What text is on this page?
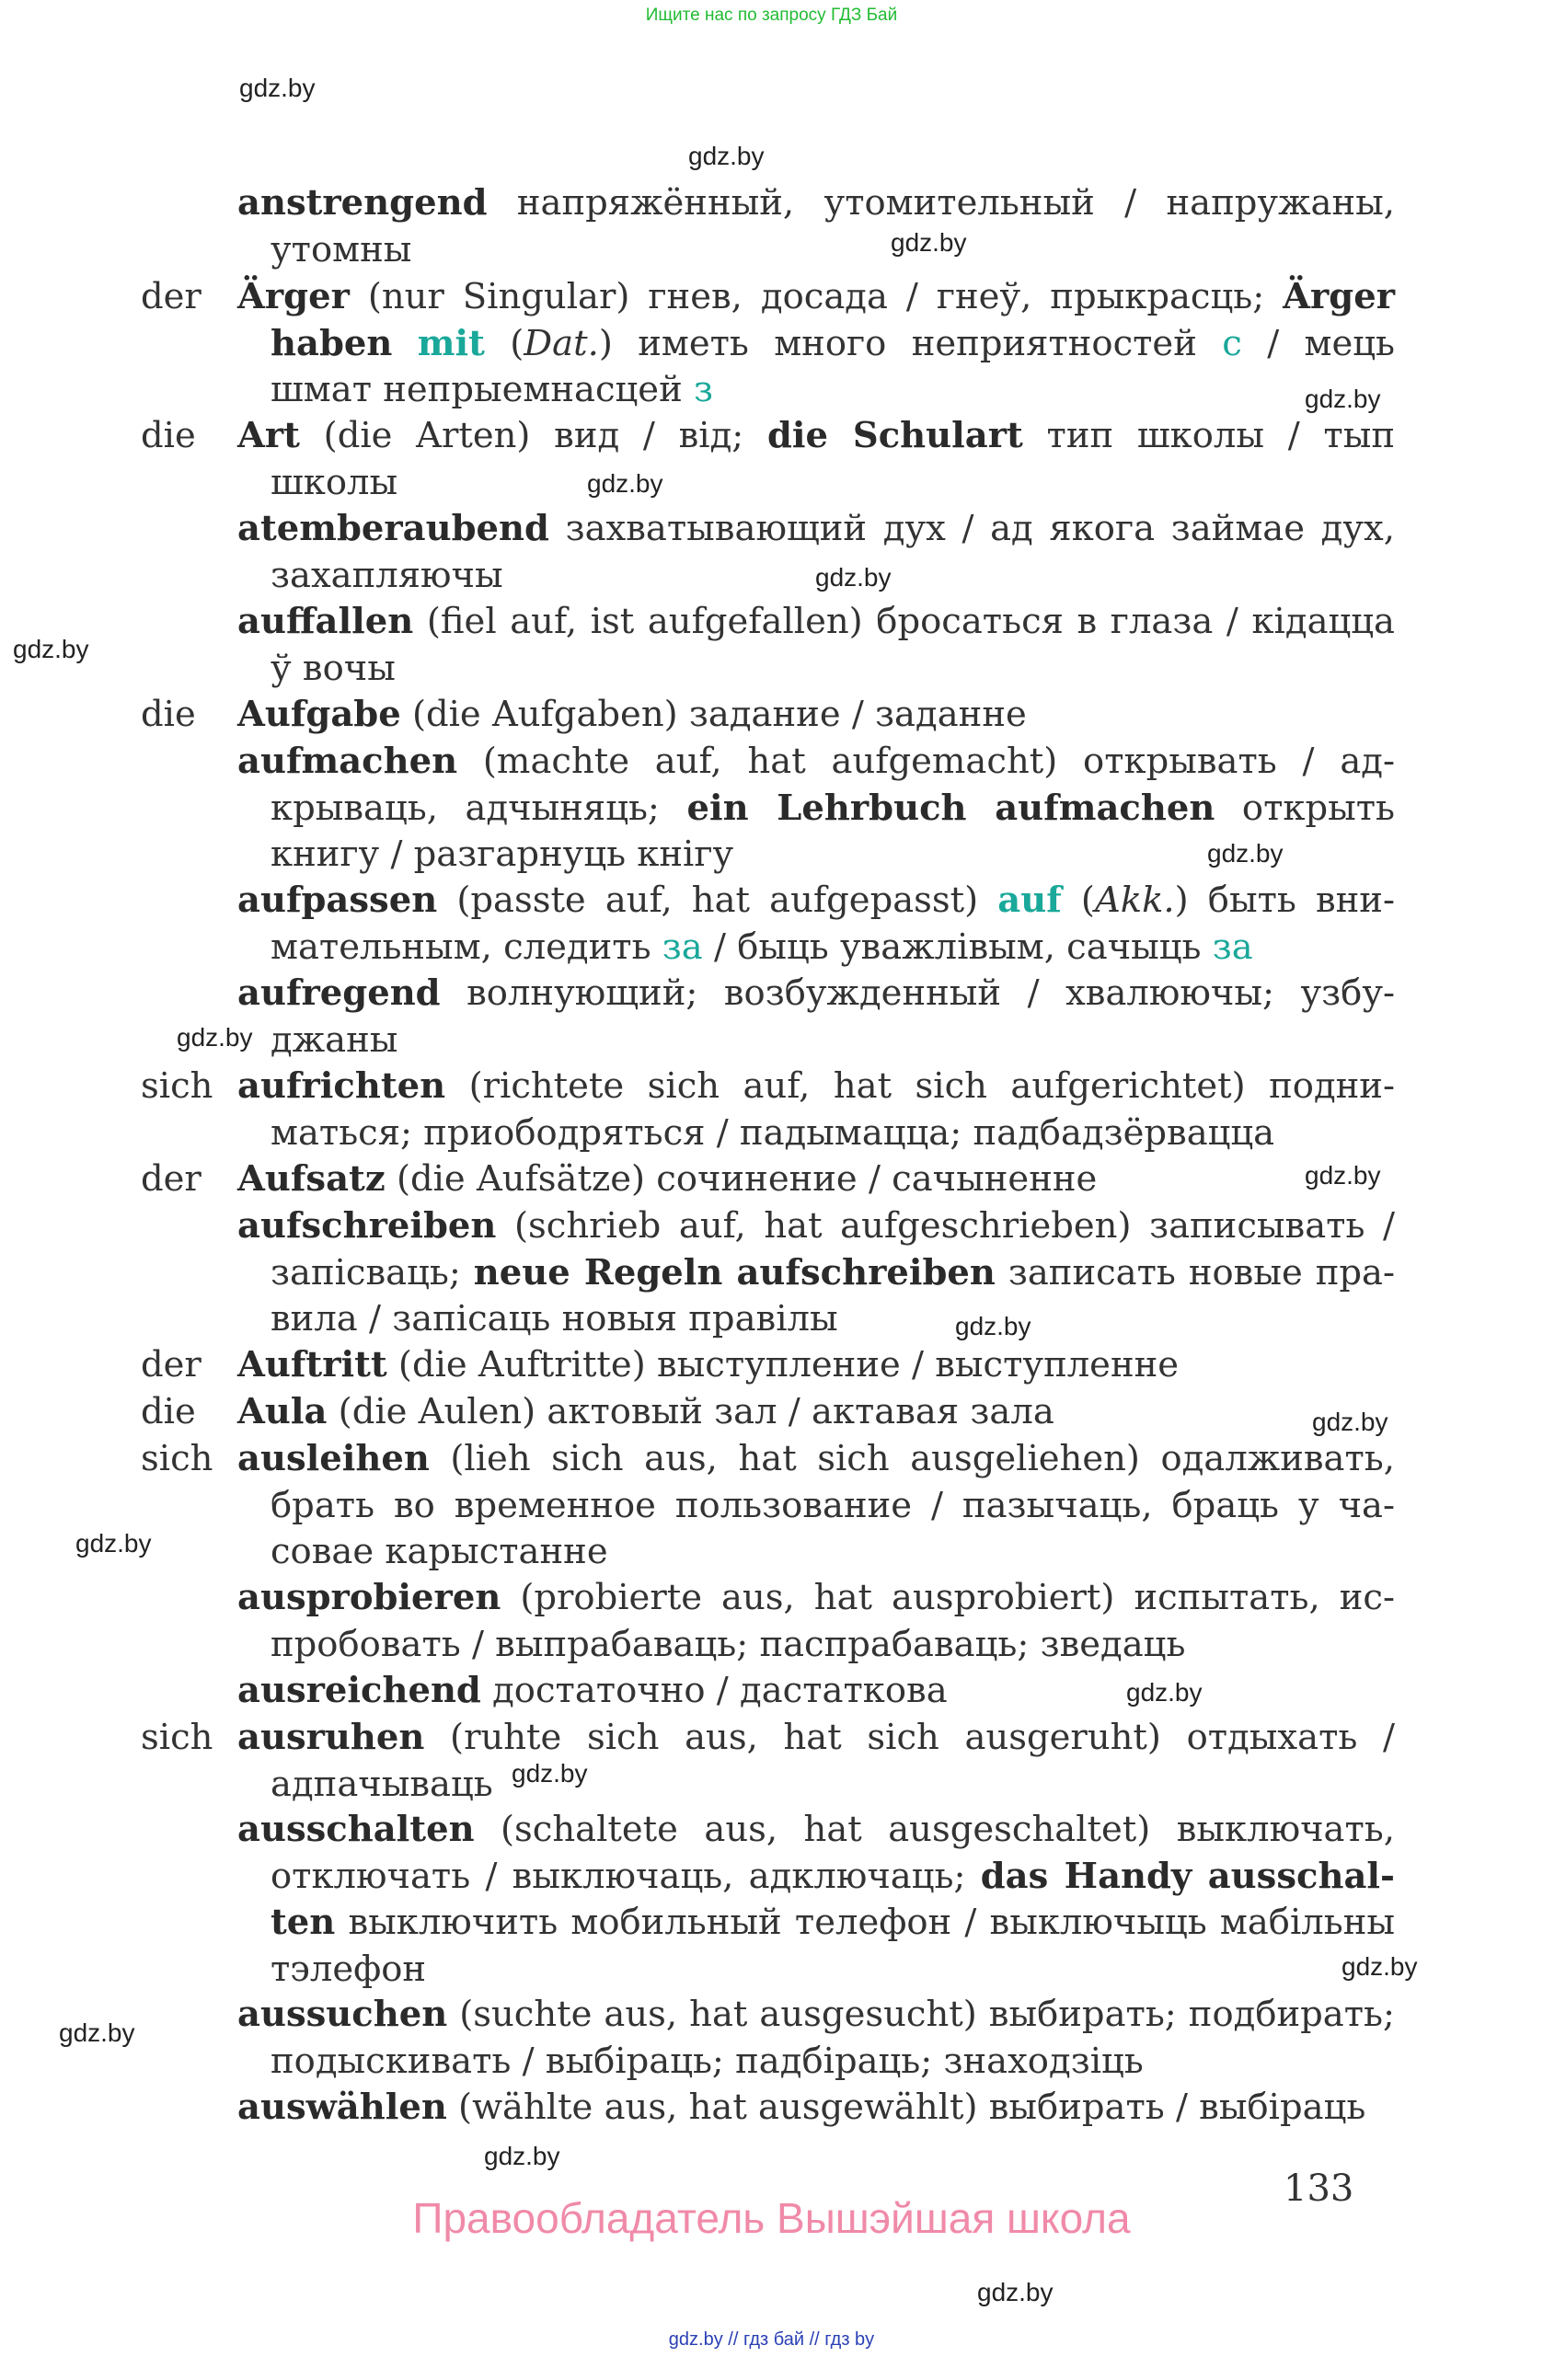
Ищите нас по запросу ГДЗ Бай
gdz.by
gdz.by
gdz.by
gdz.by
gdz.by
gdz.by
gdz.by
gdz.by
gdz.by
gdz.by
gdz.by
gdz.by
gdz.by
gdz.by
gdz.by
gdz.by
gdz.by
gdz.by
gdz.by
anstrengend напряжённый, утомительный / напружаны, утомны
der Ärger (nur Singular) гнев, досада / гнеў, прыкрасць; Ärger haben mit (Dat.) иметь много неприятностей с / мець шмат непрыемнасцей з
die Art (die Arten) вид / від; die Schulart тип школы / тып школы
atemberaubend захватывающий дух / ад якога займае дух, захапляючы
auffallen (fiel auf, ist aufgefallen) бросаться в глаза / кідацца ў вочы
die Aufgabe (die Aufgaben) задание / заданне
aufmachen (machte auf, hat aufgemacht) открывать / адкрываць, адчыняць; ein Lehrbuch aufmachen открыть книгу / разгарнуць кнігу
aufpassen (passte auf, hat aufgepasst) auf (Akk.) быть внимательным, следить за / быць уважлівым, сачыць за
aufregend волнующий; возбужденный / хвалюючы; узбуджаны
sich aufrichten (richtete sich auf, hat sich aufgerichtet) подниматься; приободряться / падымацца; падбадзёрвацца
der Aufsatz (die Aufsätze) сочинение / сачыненне
aufschreiben (schrieb auf, hat aufgeschrieben) записывать / запісваць; neue Regeln aufschreiben записать новые правила / запісаць новыя правілы
der Auftritt (die Auftritte) выступление / выступленне
die Aula (die Aulen) актовый зал / актавая зала
sich ausleihen (lieh sich aus, hat sich ausgeliehen) одалживать, брать во временное пользование / пазычаць, браць у часовае карыстанне
ausprobieren (probierte aus, hat ausprobiert) испытать, испробовать / выпрабаваць; паспрабаваць; зведаць
ausreichend достаточно / дастаткова
sich ausruhen (ruhte sich aus, hat sich ausgeruht) отдыхать / адпачываць
ausschalten (schaltete aus, hat ausgeschaltet) выключать, отключать / выключаць, адключаць; das Handy ausschalten выключить мобильный телефон / выключыць мабільны тэлефон
aussuchen (suchte aus, hat ausgesucht) выбирать; подбирать; подыскивать / выбіраць; падбіраць; знаходзіць
auswählen (wählte aus, hat ausgewählt) выбирать / выбіраць
133
Правообладатель Вышэйшая школа
gdz.by // гдз бай // гдз by
